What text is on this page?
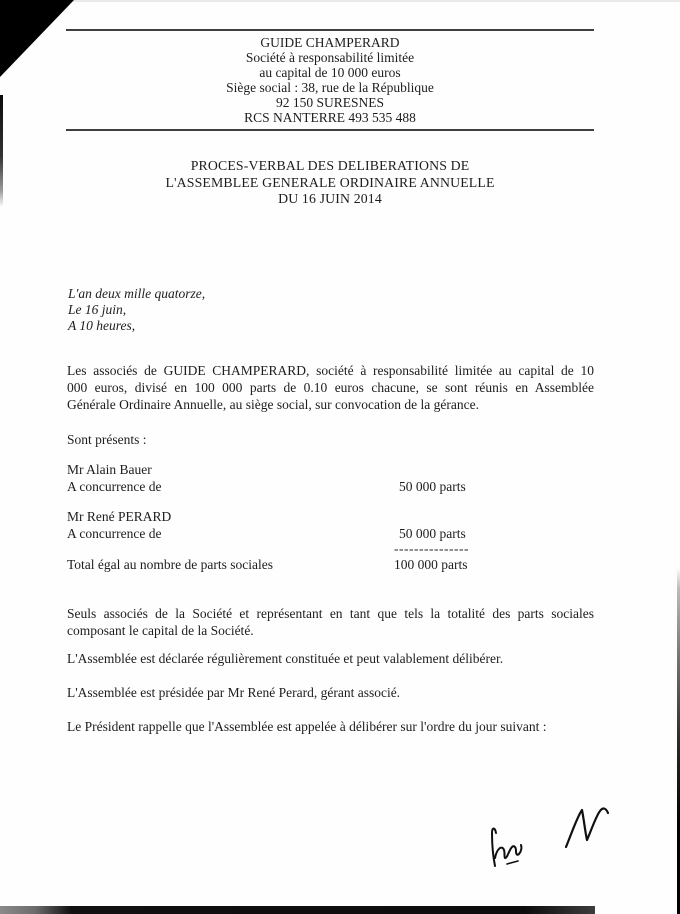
GUIDE CHAMPERARD
Société à responsabilité limitée
au capital de 10 000 euros
Siège social : 38, rue de la République
92 150 SURESNES
RCS NANTERRE 493 535 488
PROCES-VERBAL DES DELIBERATIONS DE
L'ASSEMBLEE GENERALE ORDINAIRE ANNUELLE
DU 16 JUIN 2014
L'an deux mille quatorze,
Le 16 juin,
A 10 heures,
Les associés de GUIDE CHAMPERARD, société à responsabilité limitée au capital de 10
000 euros, divisé en 100 000 parts de 0.10 euros chacune, se sont réunis en Assemblée
Générale Ordinaire Annuelle, au siège social, sur convocation de la gérance.
Sont présents :
Mr Alain Bauer
A concurrence de	50 000 parts
Mr René PERARD
A concurrence de	50 000 parts
---------------
Total égal au nombre de parts sociales	100 000 parts
Seuls associés de la Société et représentant en tant que tels la totalité des parts sociales
composant le capital de la Société.
L'Assemblée est déclarée régulièrement constituée et peut valablement délibérer.
L'Assemblée est présidée par Mr René Perard, gérant associé.
Le Président rappelle que l'Assemblée est appelée à délibérer sur l'ordre du jour suivant :
